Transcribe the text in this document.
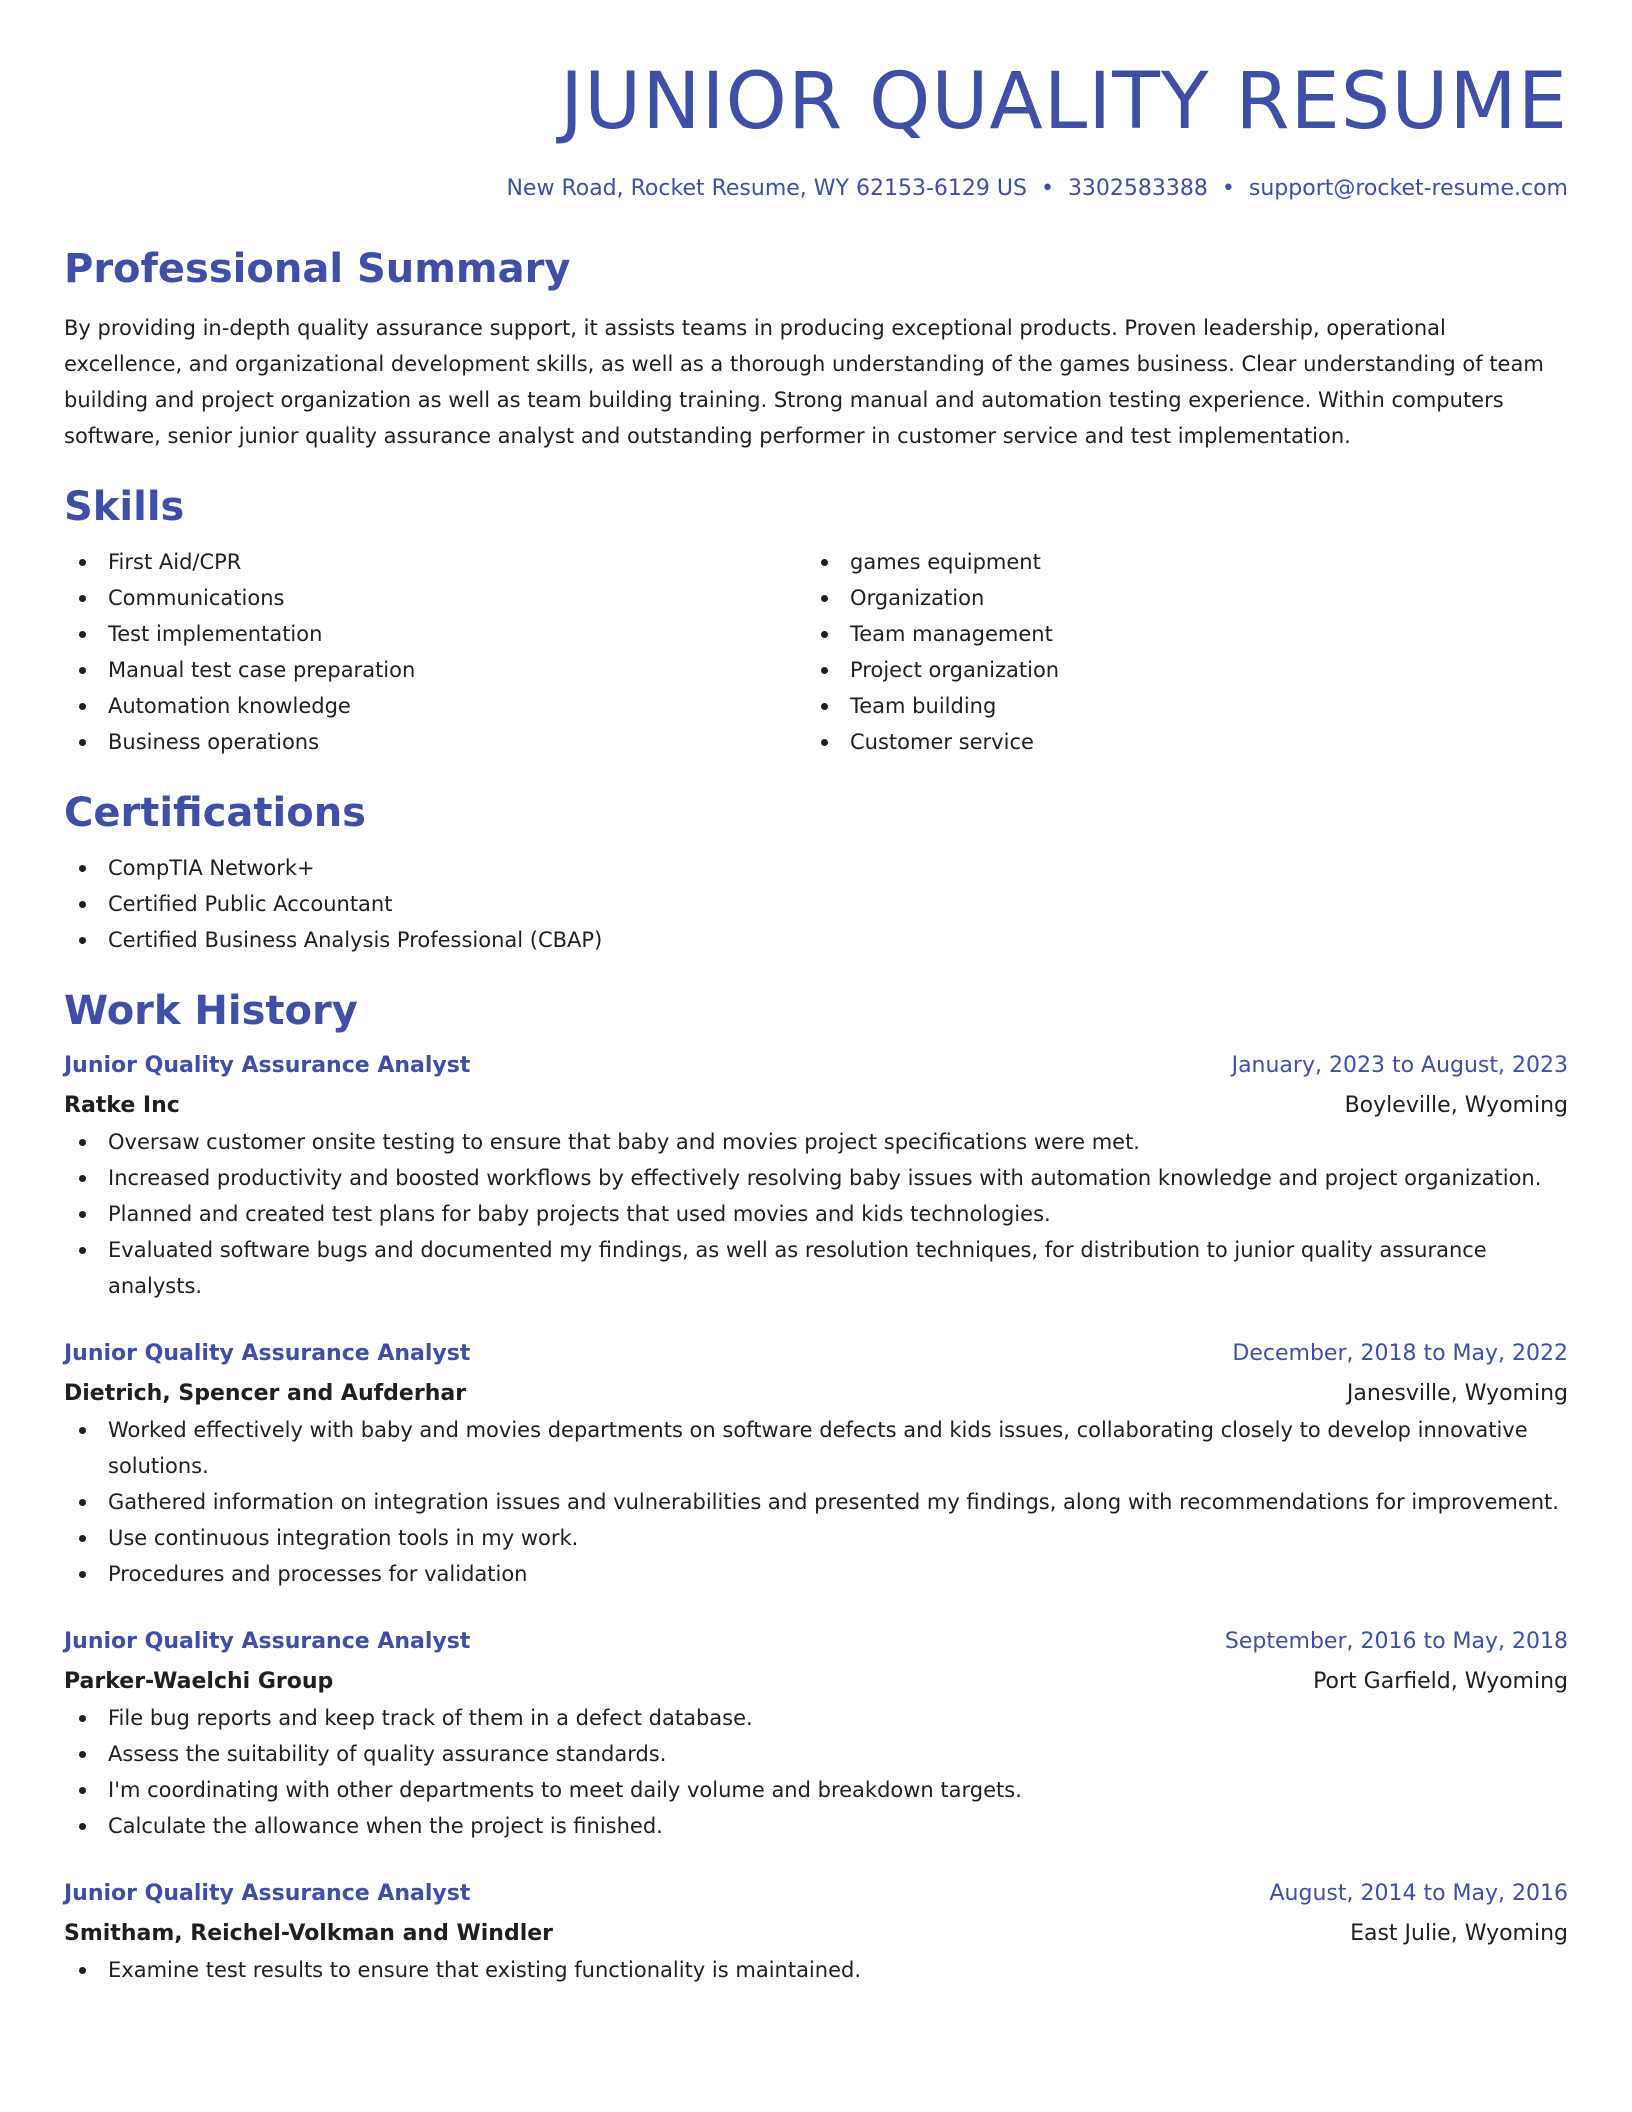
JUNIOR QUALITY RESUME
New Road, Rocket Resume, WY 62153-6129 US • 3302583388 • support@rocket-resume.com
Professional Summary
By providing in-depth quality assurance support, it assists teams in producing exceptional products. Proven leadership, operational excellence, and organizational development skills, as well as a thorough understanding of the games business. Clear understanding of team building and project organization as well as team building training. Strong manual and automation testing experience. Within computers software, senior junior quality assurance analyst and outstanding performer in customer service and test implementation.
Skills
First Aid/CPR
Communications
Test implementation
Manual test case preparation
Automation knowledge
Business operations
games equipment
Organization
Team management
Project organization
Team building
Customer service
Certifications
CompTIA Network+
Certified Public Accountant
Certified Business Analysis Professional (CBAP)
Work History
Junior Quality Assurance Analyst	January, 2023 to August, 2023
Ratke Inc	Boyleville, Wyoming
Oversaw customer onsite testing to ensure that baby and movies project specifications were met.
Increased productivity and boosted workflows by effectively resolving baby issues with automation knowledge and project organization.
Planned and created test plans for baby projects that used movies and kids technologies.
Evaluated software bugs and documented my findings, as well as resolution techniques, for distribution to junior quality assurance analysts.
Junior Quality Assurance Analyst	December, 2018 to May, 2022
Dietrich, Spencer and Aufderhar	Janesville, Wyoming
Worked effectively with baby and movies departments on software defects and kids issues, collaborating closely to develop innovative solutions.
Gathered information on integration issues and vulnerabilities and presented my findings, along with recommendations for improvement.
Use continuous integration tools in my work.
Procedures and processes for validation
Junior Quality Assurance Analyst	September, 2016 to May, 2018
Parker-Waelchi Group	Port Garfield, Wyoming
File bug reports and keep track of them in a defect database.
Assess the suitability of quality assurance standards.
I'm coordinating with other departments to meet daily volume and breakdown targets.
Calculate the allowance when the project is finished.
Junior Quality Assurance Analyst	August, 2014 to May, 2016
Smitham, Reichel-Volkman and Windler	East Julie, Wyoming
Examine test results to ensure that existing functionality is maintained.
